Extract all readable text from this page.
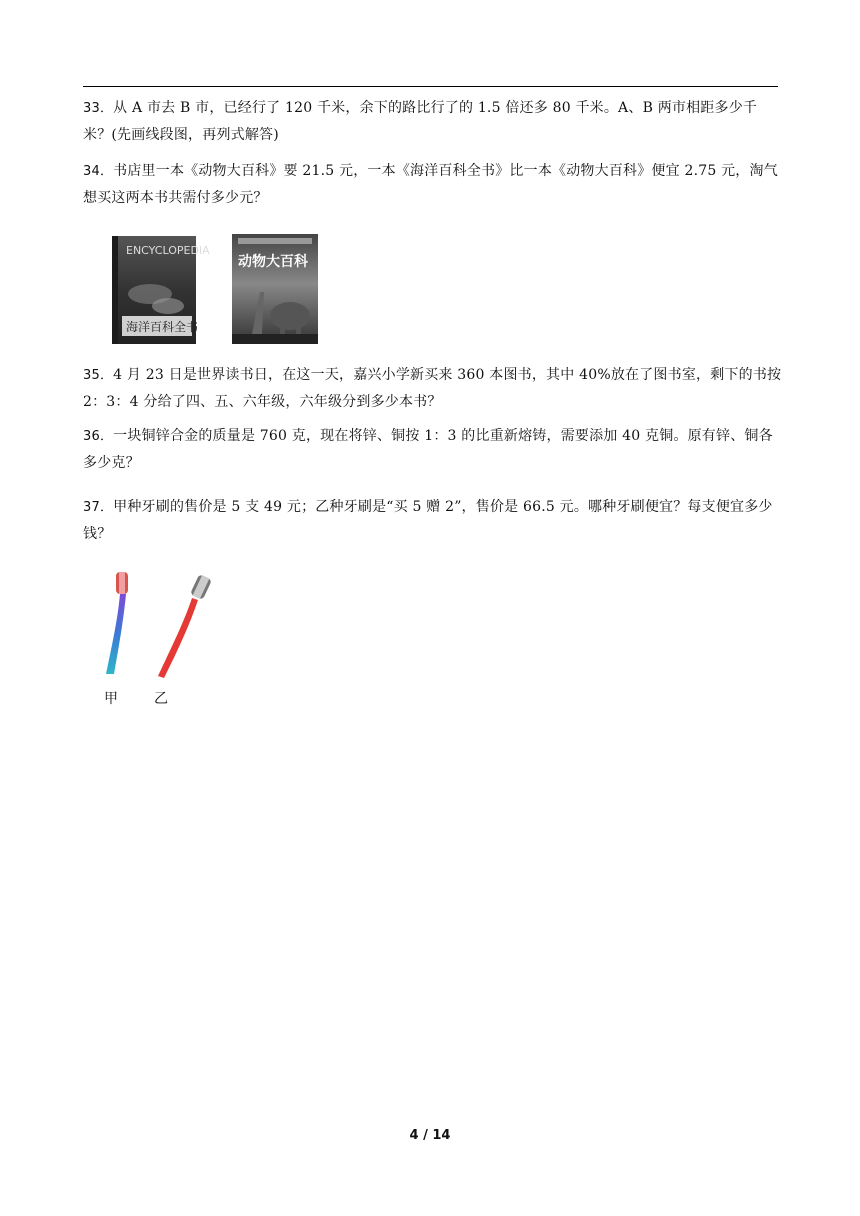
33．从 A 市去 B 市，已经行了 120 千米，余下的路比行了的 1.5 倍还多 80 千米。A、B 两市相距多少千米？(先画线段图，再列式解答)
34．书店里一本《动物大百科》要 21.5 元，一本《海洋百科全书》比一本《动物大百科》便宜 2.75 元，淘气想买这两本书共需付多少元？
ENCYCLOPEDIA
海洋百科全书
动物大百科
35．4 月 23 日是世界读书日，在这一天，嘉兴小学新买来 360 本图书，其中 40%放在了图书室，剩下的书按 2：3：4 分给了四、五、六年级，六年级分到多少本书？
36．一块铜锌合金的质量是 760 克，现在将锌、铜按 1：3 的比重新熔铸，需要添加 40 克铜。原有锌、铜各多少克？
37．甲种牙刷的售价是 5 支 49 元；乙种牙刷是“买 5 赠 2”，售价是 66.5 元。哪种牙刷便宜？每支便宜多少钱？
甲	乙
4 / 14
